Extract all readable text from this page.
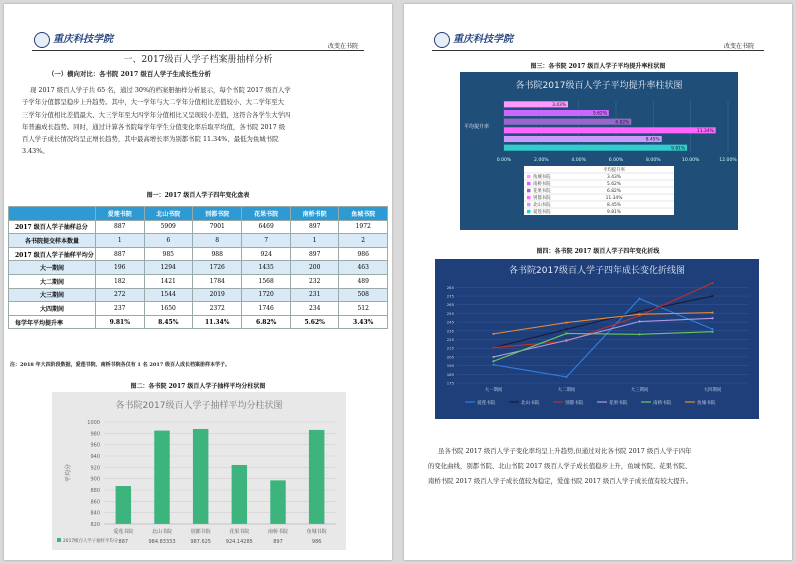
重庆科技学院
改变在书院
一、2017级百人学子档案册抽样分析
（一）横向对比：各书院 2017 级百人学子生成长性分析
现 2017 级百人学子共 65 名，通过 30%的档案册抽样分析显示，每个书院 2017 级百人学
子学年分值都呈稳步上升趋势。其中，大一学年与大二学年分值相比差值较小、大二学年至大
三学年分值相比差值最大、大三学年至大四学年分值相比又呈现较小差值，这符合各学生大学四
年普遍成长趋势。同时，通过计算各书院每学年学生分值变化率后取平均值，各书院 2017 级
百人学子成长情况均呈正增长趋势，其中最高增长率为别都书院 11.34%、最低为鱼城书院
3.43%。
图一：2017 级百人学子四年变化盘表
	爱莲书院	北山书院	别都书院	花果书院	南桥书院	鱼城书院
2017 级百人学子抽样总分	887	5909	7901	6469	897	1972
各书院提交样本数量	1	6	8	7	1	2
2017 级百人学子抽样平均分	887	985	988	924	897	986
大一期间	196	1294	1726	1435	200	463
大二期间	182	1421	1784	1568	232	489
大三期间	272	1544	2019	1720	231	508
大四期间	237	1650	2372	1746	234	512
每学年平均提升率	9.81%	8.45%	11.34%	6.82%	5.62%	3.43%
注：2018 年大四阶段数据，爱莲书院、南桥书院各仅有 1 名 2017 级百人成长档案册样本学子。
图二：各书院 2017 级百人学子抽样平均分柱状图
各书院2017级百人学子抽样平均分柱状图
820
840
860
880
900
920
940
960
980
1000
平均分
爱莲书院
887
北山书院
984.83333
别都书院
987.625
花果书院
924.14285
南桥书院
897
鱼城书院
986
2017级百人学子抽样平均分
重庆科技学院
改变在书院
图三：各书院 2017 级百人学子平均提升率柱状图
各书院2017级百人学子平均提升率柱状图
0.00%	2.00%	4.00%	6.00%	8.00%	10.00%	12.00%
平均提升率
3.43%
5.62%
6.82%
11.34%
8.45%
9.81%
平均提升率
鱼城书院	3.43%
南桥书院	5.62%
花果书院	6.82%
别都书院	11.34%
北山书院	8.45%
爱莲书院	9.81%
图四：各书院 2017 级百人学子四年变化折线
各书院2017级百人学子四年成长变化折线图
175
185
195
205
215
225
235
245
255
265
275
285
大一期间	大二期间	大三期间	大四期间
爱莲书院	北山书院	别都书院	花果书院	南桥书院	鱼城书院
虽各书院 2017 级百人学子变化率均呈上升趋势,但通过对比各书院 2017 级百人学子四年
的变化曲线，别都书院、北山书院 2017 级百人学子成长值稳步上升，鱼城书院、花果书院、
南桥书院 2017 级百人学子成长值较为稳定，爱莲书院 2017 级百人学子成长值有较大提升。
